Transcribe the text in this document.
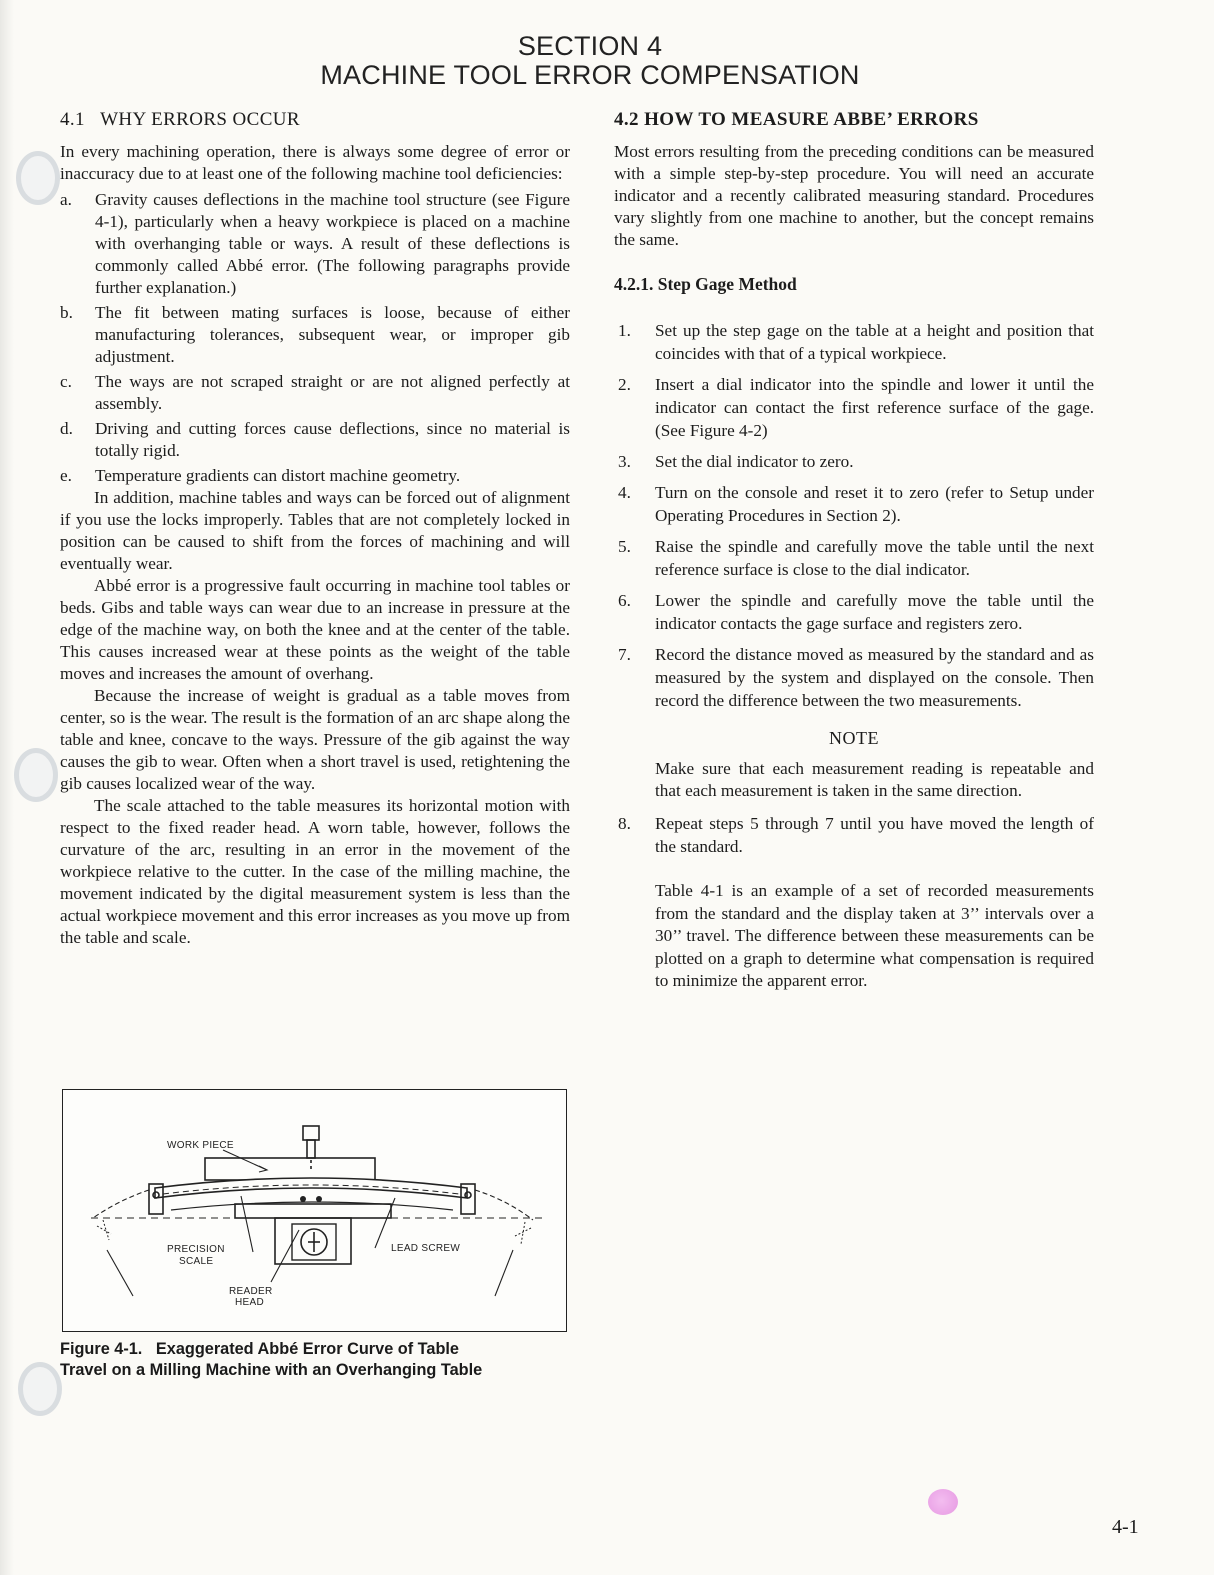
SECTION 4
MACHINE TOOL ERROR COMPENSATION
4.1 WHY ERRORS OCCUR

In every machining operation, there is always some degree of error or inaccuracy due to at least one of the following machine tool deficiencies:

a. Gravity causes deflections in the machine tool structure (see Figure 4-1), particularly when a heavy workpiece is placed on a machine with overhanging table or ways. A result of these deflections is commonly called Abbé error. (The following paragraphs provide further explanation.)
b. The fit between mating surfaces is loose, because of either manufacturing tolerances, subsequent wear, or improper gib adjustment.
c. The ways are not scraped straight or are not aligned perfectly at assembly.
d. Driving and cutting forces cause deflections, since no material is totally rigid.
e. Temperature gradients can distort machine geometry.

In addition, machine tables and ways can be forced out of alignment if you use the locks improperly. Tables that are not completely locked in position can be caused to shift from the forces of machining and will eventually wear.

Abbé error is a progressive fault occurring in machine tool tables or beds. Gibs and table ways can wear due to an increase in pressure at the edge of the machine way, on both the knee and at the center of the table. This causes increased wear at these points as the weight of the table moves and increases the amount of overhang.

Because the increase of weight is gradual as a table moves from center, so is the wear. The result is the formation of an arc shape along the table and knee, concave to the ways. Pressure of the gib against the way causes the gib to wear. Often when a short travel is used, retightening the gib causes localized wear of the way.

The scale attached to the table measures its horizontal motion with respect to the fixed reader head. A worn table, however, follows the curvature of the arc, resulting in an error in the movement of the workpiece relative to the cutter. In the case of the milling machine, the movement indicated by the digital measurement system is less than the actual workpiece movement and this error increases as you move up from the table and scale.

WORK PIECE
PRECISION
SCALE
LEAD SCREW
READER
HEAD
Figure 4-1.   Exaggerated Abbé Error Curve of Table
Travel on a Milling Machine with an Overhanging Table
4.2 HOW TO MEASURE ABBE’ ERRORS

Most errors resulting from the preceding conditions can be measured with a simple step-by-step procedure. You will need an accurate indicator and a recently calibrated measuring standard. Procedures vary slightly from one machine to another, but the concept remains the same.

4.2.1. Step Gage Method
1. Set up the step gage on the table at a height and position that coincides with that of a typical workpiece.
2. Insert a dial indicator into the spindle and lower it until the indicator can contact the first reference surface of the gage. (See Figure 4-2)
3. Set the dial indicator to zero.
4. Turn on the console and reset it to zero (refer to Setup under Operating Procedures in Section 2).
5. Raise the spindle and carefully move the table until the next reference surface is close to the dial indicator.
6. Lower the spindle and carefully move the table until the indicator contacts the gage surface and registers zero.
7. Record the distance moved as measured by the standard and as measured by the system and displayed on the console. Then record the difference between the two measurements.
NOTE
Make sure that each measurement reading is repeatable and that each measurement is taken in the same direction.
8. Repeat steps 5 through 7 until you have moved the length of the standard.
Table 4-1 is an example of a set of recorded measurements from the standard and the display taken at 3’’ intervals over a 30’’ travel. The difference between these measurements can be plotted on a graph to determine what compensation is required to minimize the apparent error.
4-1
